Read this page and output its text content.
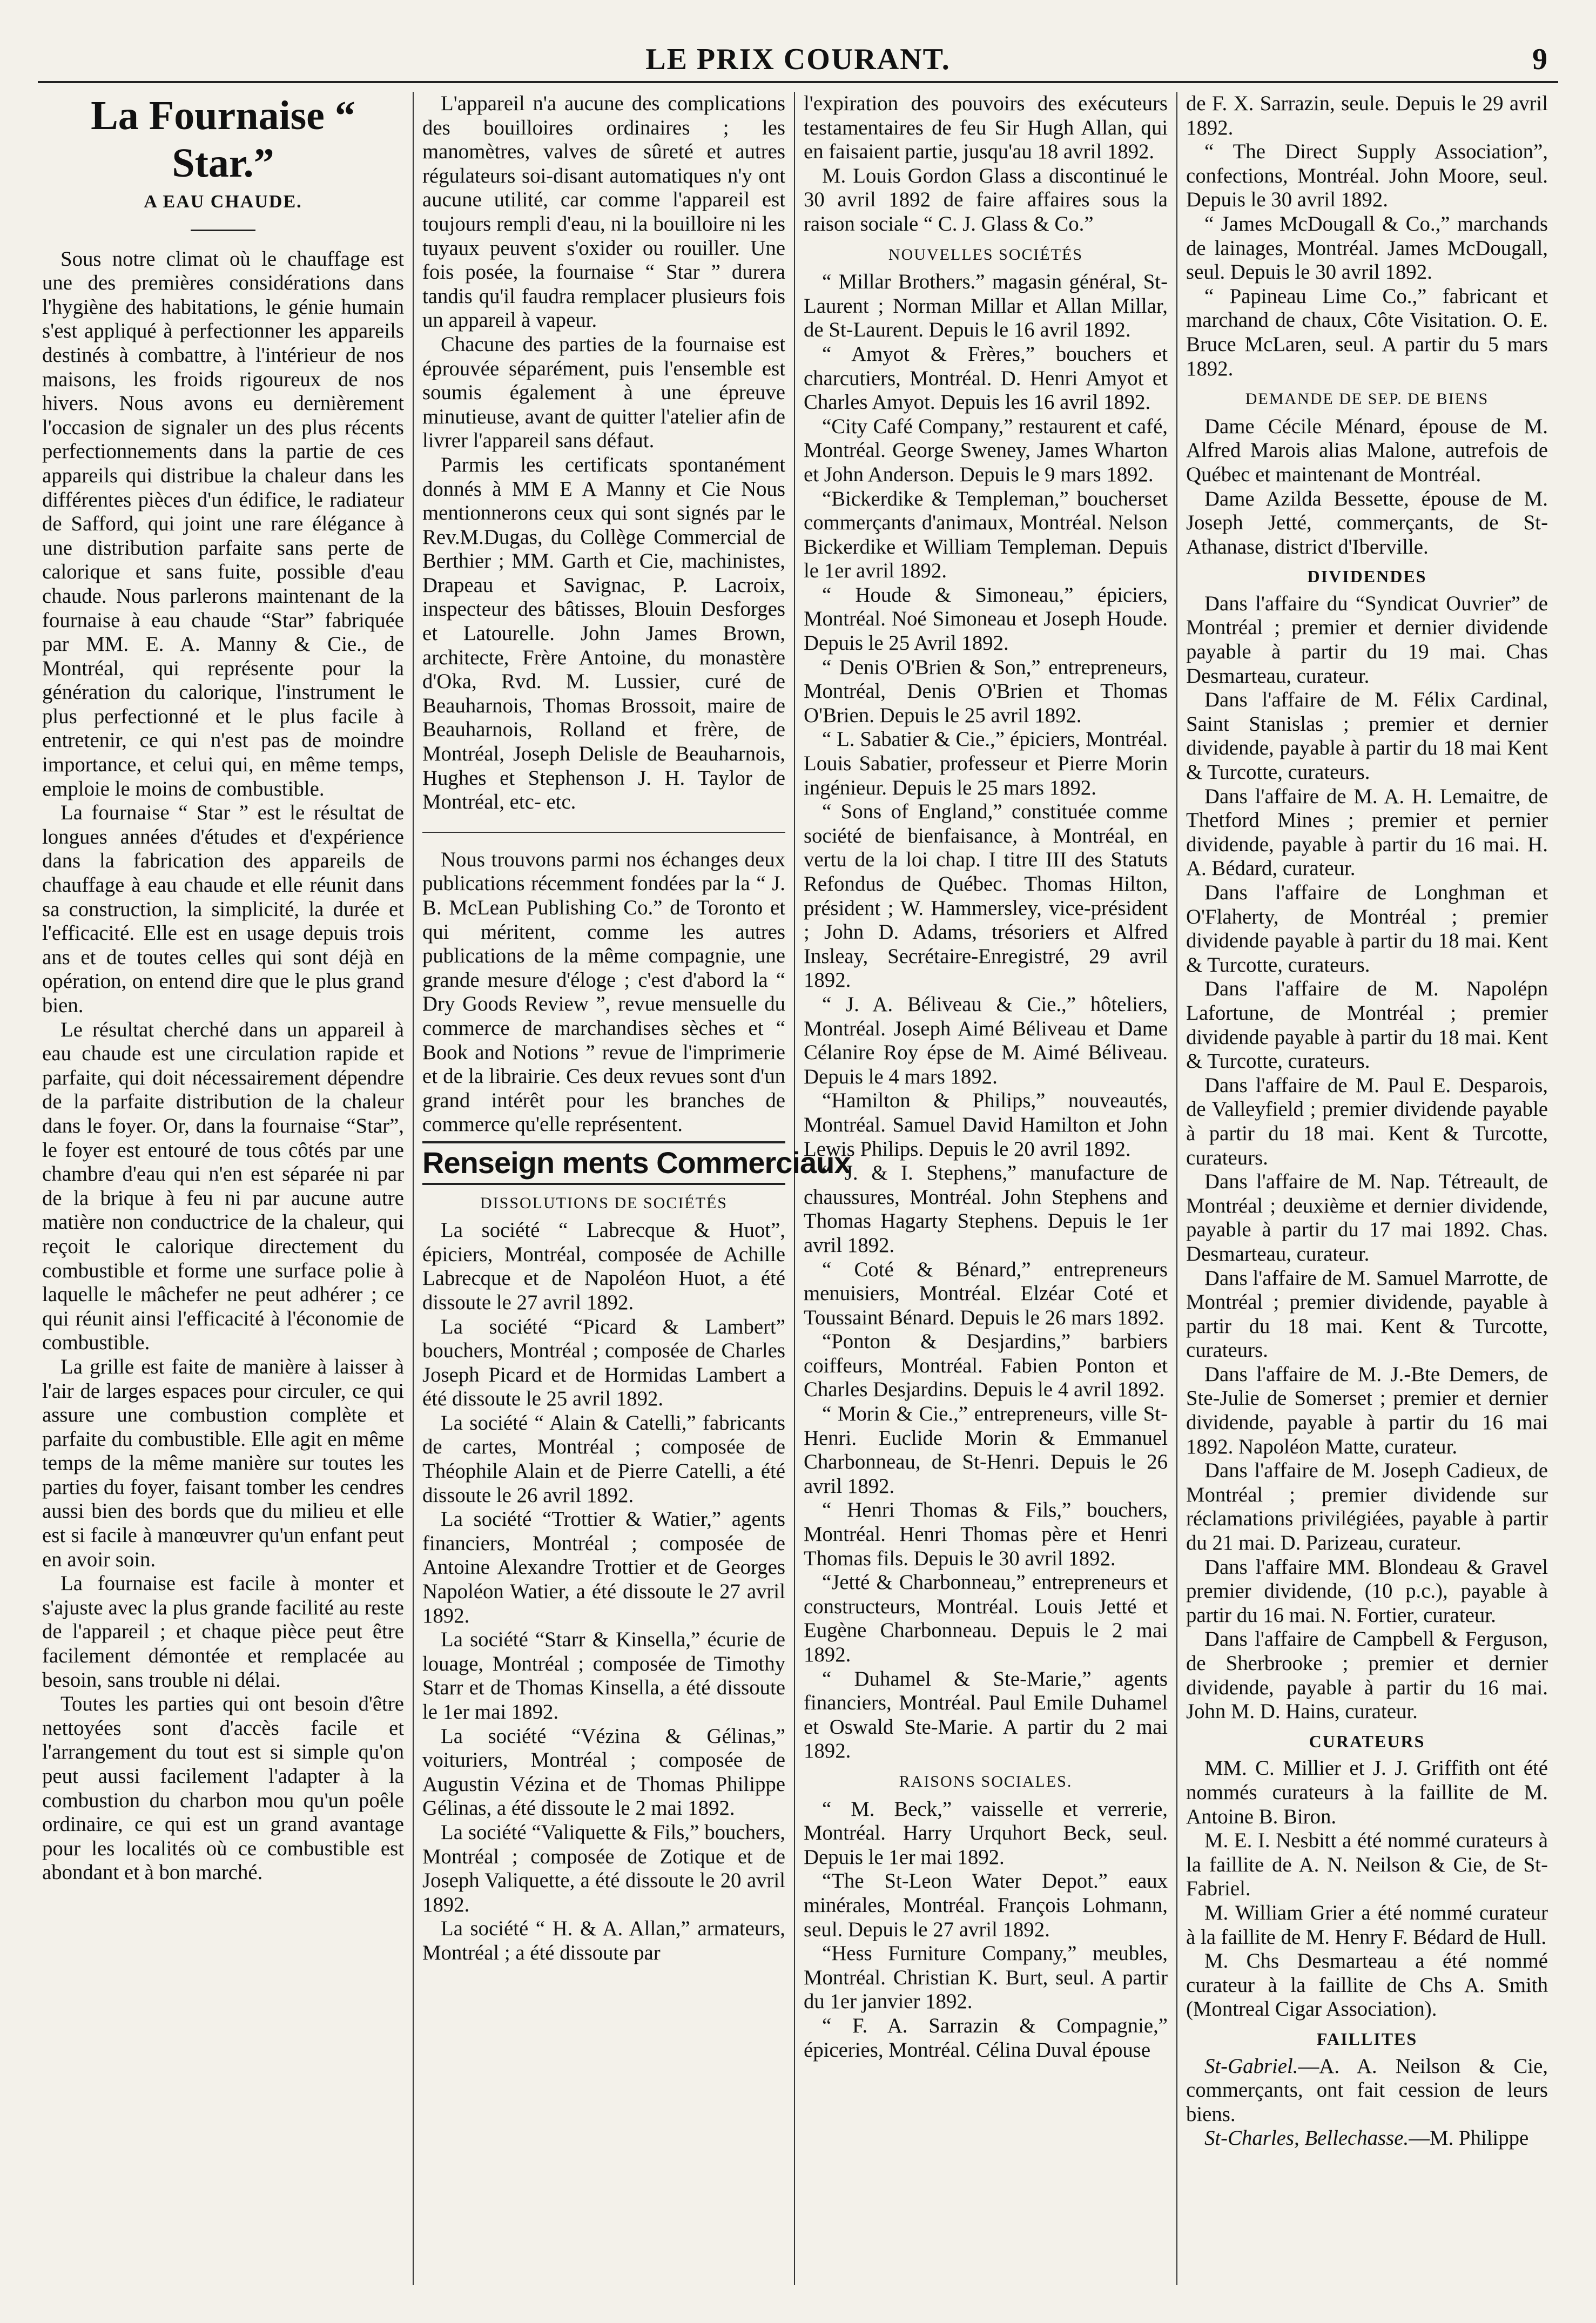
LE PRIX COURANT.	9
La Fournaise “ Star.”
A EAU CHAUDE.

Sous notre climat où le chauffage est une des premières considérations dans l'hygiène des habitations, le génie humain s'est appliqué à perfectionner les appareils destinés à combattre, à l'intérieur de nos maisons, les froids rigoureux de nos hivers. Nous avons eu dernièrement l'occasion de signaler un des plus récents perfectionnements dans la partie de ces appareils qui distribue la chaleur dans les différentes pièces d'un édifice, le radiateur de Safford, qui joint une rare élégance à une distribution parfaite sans perte de calorique et sans fuite, possible d'eau chaude. Nous parlerons maintenant de la fournaise à eau chaude “Star” fabriquée par MM. E. A. Manny & Cie., de Montréal, qui représente pour la génération du calorique, l'instrument le plus perfectionné et le plus facile à entretenir, ce qui n'est pas de moindre importance, et celui qui, en même temps, emploie le moins de combustible.

La fournaise “ Star ” est le résultat de longues années d'études et d'expérience dans la fabrication des appareils de chauffage à eau chaude et elle réunit dans sa construction, la simplicité, la durée et l'efficacité. Elle est en usage depuis trois ans et de toutes celles qui sont déjà en opération, on entend dire que le plus grand bien.

Le résultat cherché dans un appareil à eau chaude est une circulation rapide et parfaite, qui doit nécessairement dépendre de la parfaite distribution de la chaleur dans le foyer. Or, dans la fournaise “Star”, le foyer est entouré de tous côtés par une chambre d'eau qui n'en est séparée ni par de la brique à feu ni par aucune autre matière non conductrice de la chaleur, qui reçoit le calorique directement du combustible et forme une surface polie à laquelle le mâchefer ne peut adhérer ; ce qui réunit ainsi l'efficacité à l'économie de combustible.

La grille est faite de manière à laisser à l'air de larges espaces pour circuler, ce qui assure une combustion complète et parfaite du combustible. Elle agit en même temps de la même manière sur toutes les parties du foyer, faisant tomber les cendres aussi bien des bords que du milieu et elle est si facile à manœuvrer qu'un enfant peut en avoir soin.

La fournaise est facile à monter et s'ajuste avec la plus grande facilité au reste de l'appareil ; et chaque pièce peut être facilement démontée et remplacée au besoin, sans trouble ni délai.

Toutes les parties qui ont besoin d'être nettoyées sont d'accès facile et l'arrangement du tout est si simple qu'on peut aussi facilement l'adapter à la combustion du charbon mou qu'un poêle ordinaire, ce qui est un grand avantage pour les localités où ce combustible est abondant et à bon marché.

L'appareil n'a aucune des complications des bouilloires ordinaires ; les manomètres, valves de sûreté et autres régulateurs soi-disant automatiques n'y ont aucune utilité, car comme l'appareil est toujours rempli d'eau, ni la bouilloire ni les tuyaux peuvent s'oxider ou rouiller. Une fois posée, la fournaise “ Star ” durera tandis qu'il faudra remplacer plusieurs fois un appareil à vapeur.

Chacune des parties de la fournaise est éprouvée séparément, puis l'ensemble est soumis également à une épreuve minutieuse, avant de quitter l'atelier afin de livrer l'appareil sans défaut.

Parmis les certificats spontanément donnés à MM E A Manny et Cie Nous mentionnerons ceux qui sont signés par le Rev.M.Dugas, du Collège Commercial de Berthier ; MM. Garth et Cie, machinistes, Drapeau et Savignac, P. Lacroix, inspecteur des bâtisses, Blouin Desforges et Latourelle. John James Brown, architecte, Frère Antoine, du monastère d'Oka, Rvd. M. Lussier, curé de Beauharnois, Thomas Brossoit, maire de Beauharnois, Rolland et frère, de Montréal, Joseph Delisle de Beauharnois, Hughes et Stephenson J. H. Taylor de Montréal, etc- etc.

Nous trouvons parmi nos échanges deux publications récemment fondées par la “ J. B. McLean Publishing Co.” de Toronto et qui méritent, comme les autres publications de la même compagnie, une grande mesure d'éloge ; c'est d'abord la “ Dry Goods Review ”, revue mensuelle du commerce de marchandises sèches et “ Book and Notions ” revue de l'imprimerie et de la librairie. Ces deux revues sont d'un grand intérêt pour les branches de commerce qu'elle représentent.

Renseign ments Commerciaux
DISSOLUTIONS DE SOCIÉTÉS

La société “ Labrecque & Huot”, épiciers, Montréal, composée de Achille Labrecque et de Napoléon Huot, a été dissoute le 27 avril 1892.

La société “Picard & Lambert” bouchers, Montréal ; composée de Charles Joseph Picard et de Hormidas Lambert a été dissoute le 25 avril 1892.

La société “ Alain & Catelli,” fabricants de cartes, Montréal ; composée de Théophile Alain et de Pierre Catelli, a été dissoute le 26 avril 1892.

La société “Trottier & Watier,” agents financiers, Montréal ; composée de Antoine Alexandre Trottier et de Georges Napoléon Watier, a été dissoute le 27 avril 1892.

La société “Starr & Kinsella,” écurie de louage, Montréal ; composée de Timothy Starr et de Thomas Kinsella, a été dissoute le 1er mai 1892.

La société “Vézina & Gélinas,” voituriers, Montréal ; composée de Augustin Vézina et de Thomas Philippe Gélinas, a été dissoute le 2 mai 1892.

La société “Valiquette & Fils,” bouchers, Montréal ; composée de Zotique et de Joseph Valiquette, a été dissoute le 20 avril 1892.

La société “ H. & A. Allan,” armateurs, Montréal ; a été dissoute par

l'expiration des pouvoirs des exécuteurs testamentaires de feu Sir Hugh Allan, qui en faisaient partie, jusqu'au 18 avril 1892.

M. Louis Gordon Glass a discontinué le 30 avril 1892 de faire affaires sous la raison sociale “ C. J. Glass & Co.”

NOUVELLES SOCIÉTÉS

“ Millar Brothers.” magasin général, St-Laurent ; Norman Millar et Allan Millar, de St-Laurent. Depuis le 16 avril 1892.

“ Amyot & Frères,” bouchers et charcutiers, Montréal. D. Henri Amyot et Charles Amyot. Depuis les 16 avril 1892.

“City Café Company,” restaurent et café, Montréal. George Sweney, James Wharton et John Anderson. Depuis le 9 mars 1892.

“Bickerdike & Templeman,” boucherset commerçants d'animaux, Montréal. Nelson Bickerdike et William Templeman. Depuis le 1er avril 1892.

“ Houde & Simoneau,” épiciers, Montréal. Noé Simoneau et Joseph Houde. Depuis le 25 Avril 1892.

“ Denis O'Brien & Son,” entrepreneurs, Montréal, Denis O'Brien et Thomas O'Brien. Depuis le 25 avril 1892.

“ L. Sabatier & Cie.,” épiciers, Montréal. Louis Sabatier, professeur et Pierre Morin ingénieur. Depuis le 25 mars 1892.

“ Sons of England,” constituée comme société de bienfaisance, à Montréal, en vertu de la loi chap. I titre III des Statuts Refondus de Québec. Thomas Hilton, président ; W. Hammersley, vice-président ; John D. Adams, trésoriers et Alfred Insleay, Secrétaire-Enregistré, 29 avril 1892.

“ J. A. Béliveau & Cie.,” hôteliers, Montréal. Joseph Aimé Béliveau et Dame Célanire Roy épse de M. Aimé Béliveau. Depuis le 4 mars 1892.

“Hamilton & Philips,” nouveautés, Montréal. Samuel David Hamilton et John Lewis Philips. Depuis le 20 avril 1892.

“ J. & I. Stephens,” manufacture de chaussures, Montréal. John Stephens and Thomas Hagarty Stephens. Depuis le 1er avril 1892.

“ Coté & Bénard,” entrepreneurs menuisiers, Montréal. Elzéar Coté et Toussaint Bénard. Depuis le 26 mars 1892.

“Ponton & Desjardins,” barbiers coiffeurs, Montréal. Fabien Ponton et Charles Desjardins. Depuis le 4 avril 1892.

“ Morin & Cie.,” entrepreneurs, ville St-Henri. Euclide Morin & Emmanuel Charbonneau, de St-Henri. Depuis le 26 avril 1892.

“ Henri Thomas & Fils,” bouchers, Montréal. Henri Thomas père et Henri Thomas fils. Depuis le 30 avril 1892.

“Jetté & Charbonneau,” entrepreneurs et constructeurs, Montréal. Louis Jetté et Eugène Charbonneau. Depuis le 2 mai 1892.

“ Duhamel & Ste-Marie,” agents financiers, Montréal. Paul Emile Duhamel et Oswald Ste-Marie. A partir du 2 mai 1892.

RAISONS SOCIALES.

“ M. Beck,” vaisselle et verrerie, Montréal. Harry Urquhort Beck, seul. Depuis le 1er mai 1892.

“The St-Leon Water Depot.” eaux minérales, Montréal. François Lohmann, seul. Depuis le 27 avril 1892.

“Hess Furniture Company,” meubles, Montréal. Christian K. Burt, seul. A partir du 1er janvier 1892.

“ F. A. Sarrazin & Compagnie,” épiceries, Montréal. Célina Duval épouse

de F. X. Sarrazin, seule. Depuis le 29 avril 1892.

“ The Direct Supply Association”, confections, Montréal. John Moore, seul. Depuis le 30 avril 1892.

“ James McDougall & Co.,” marchands de lainages, Montréal. James McDougall, seul. Depuis le 30 avril 1892.

“ Papineau Lime Co.,” fabricant et marchand de chaux, Côte Visitation. O. E. Bruce McLaren, seul. A partir du 5 mars 1892.

DEMANDE DE SEP. DE BIENS

Dame Cécile Ménard, épouse de M. Alfred Marois alias Malone, autrefois de Québec et maintenant de Montréal.

Dame Azilda Bessette, épouse de M. Joseph Jetté, commerçants, de St-Athanase, district d'Iberville.

DIVIDENDES

Dans l'affaire du “Syndicat Ouvrier” de Montréal ; premier et dernier dividende payable à partir du 19 mai. Chas Desmarteau, curateur.

Dans l'affaire de M. Félix Cardinal, Saint Stanislas ; premier et dernier dividende, payable à partir du 18 mai Kent & Turcotte, curateurs.

Dans l'affaire de M. A. H. Lemaitre, de Thetford Mines ; premier et pernier dividende, payable à partir du 16 mai. H. A. Bédard, curateur.

Dans l'affaire de Longhman et O'Flaherty, de Montréal ; premier dividende payable à partir du 18 mai. Kent & Turcotte, curateurs.

Dans l'affaire de M. Napolépn Lafortune, de Montréal ; premier dividende payable à partir du 18 mai. Kent & Turcotte, curateurs.

Dans l'affaire de M. Paul E. Desparois, de Valleyfield ; premier dividende payable à partir du 18 mai. Kent & Turcotte, curateurs.

Dans l'affaire de M. Nap. Tétreault, de Montréal ; deuxième et dernier dividende, payable à partir du 17 mai 1892. Chas. Desmarteau, curateur.

Dans l'affaire de M. Samuel Marrotte, de Montréal ; premier dividende, payable à partir du 18 mai. Kent & Turcotte, curateurs.

Dans l'affaire de M. J.-Bte Demers, de Ste-Julie de Somerset ; premier et dernier dividende, payable à partir du 16 mai 1892. Napoléon Matte, curateur.

Dans l'affaire de M. Joseph Cadieux, de Montréal ; premier dividende sur réclamations privilégiées, payable à partir du 21 mai. D. Parizeau, curateur.

Dans l'affaire MM. Blondeau & Gravel premier dividende, (10 p.c.), payable à partir du 16 mai. N. Fortier, curateur.

Dans l'affaire de Campbell & Ferguson, de Sherbrooke ; premier et dernier dividende, payable à partir du 16 mai. John M. D. Hains, curateur.

CURATEURS

MM. C. Millier et J. J. Griffith ont été nommés curateurs à la faillite de M. Antoine B. Biron.

M. E. I. Nesbitt a été nommé curateurs à la faillite de A. N. Neilson & Cie, de St-Fabriel.

M. William Grier a été nommé curateur à la faillite de M. Henry F. Bédard de Hull.

M. Chs Desmarteau a été nommé curateur à la faillite de Chs A. Smith (Montreal Cigar Association).

FAILLITES

St-Gabriel.—A. A. Neilson & Cie, commerçants, ont fait cession de leurs biens.

St-Charles, Bellechasse.—M. Philippe
